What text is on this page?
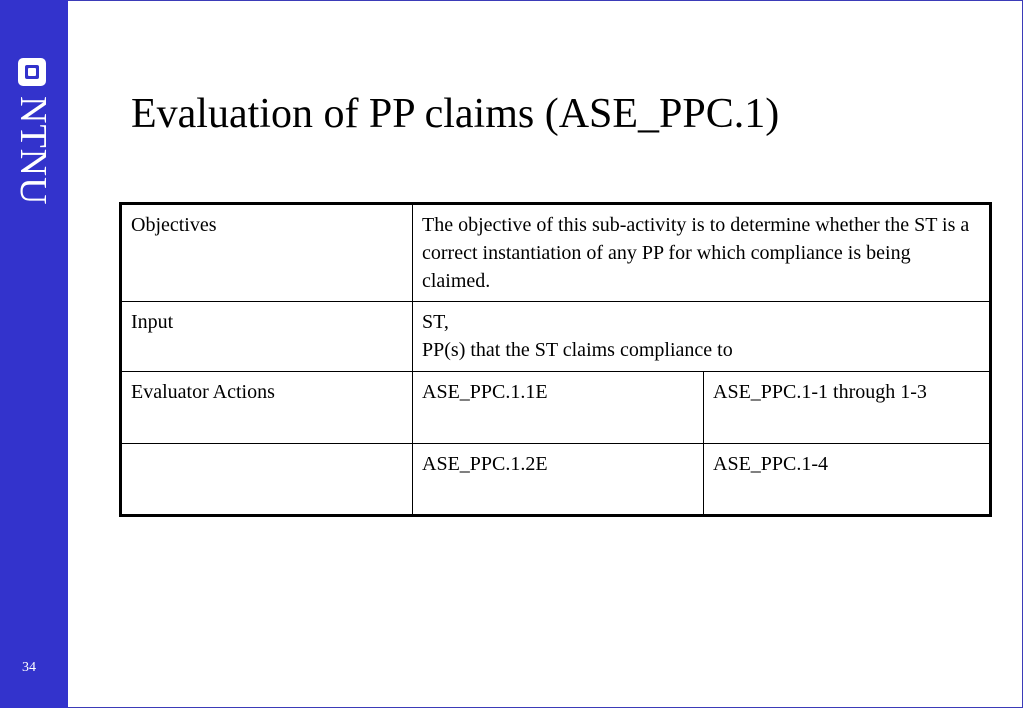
NTNU
34
Evaluation of PP claims (ASE_PPC.1)
Objectives	The objective of this sub-activity is to determine whether the ST is a correct instantiation of any PP for which compliance is being claimed.	
Input	ST,
PP(s) that the ST claims compliance to	

Evaluator Actions	ASE_PPC.1.1E	ASE_PPC.1-1 through 1-3
	ASE_PPC.1.2E	ASE_PPC.1-4
